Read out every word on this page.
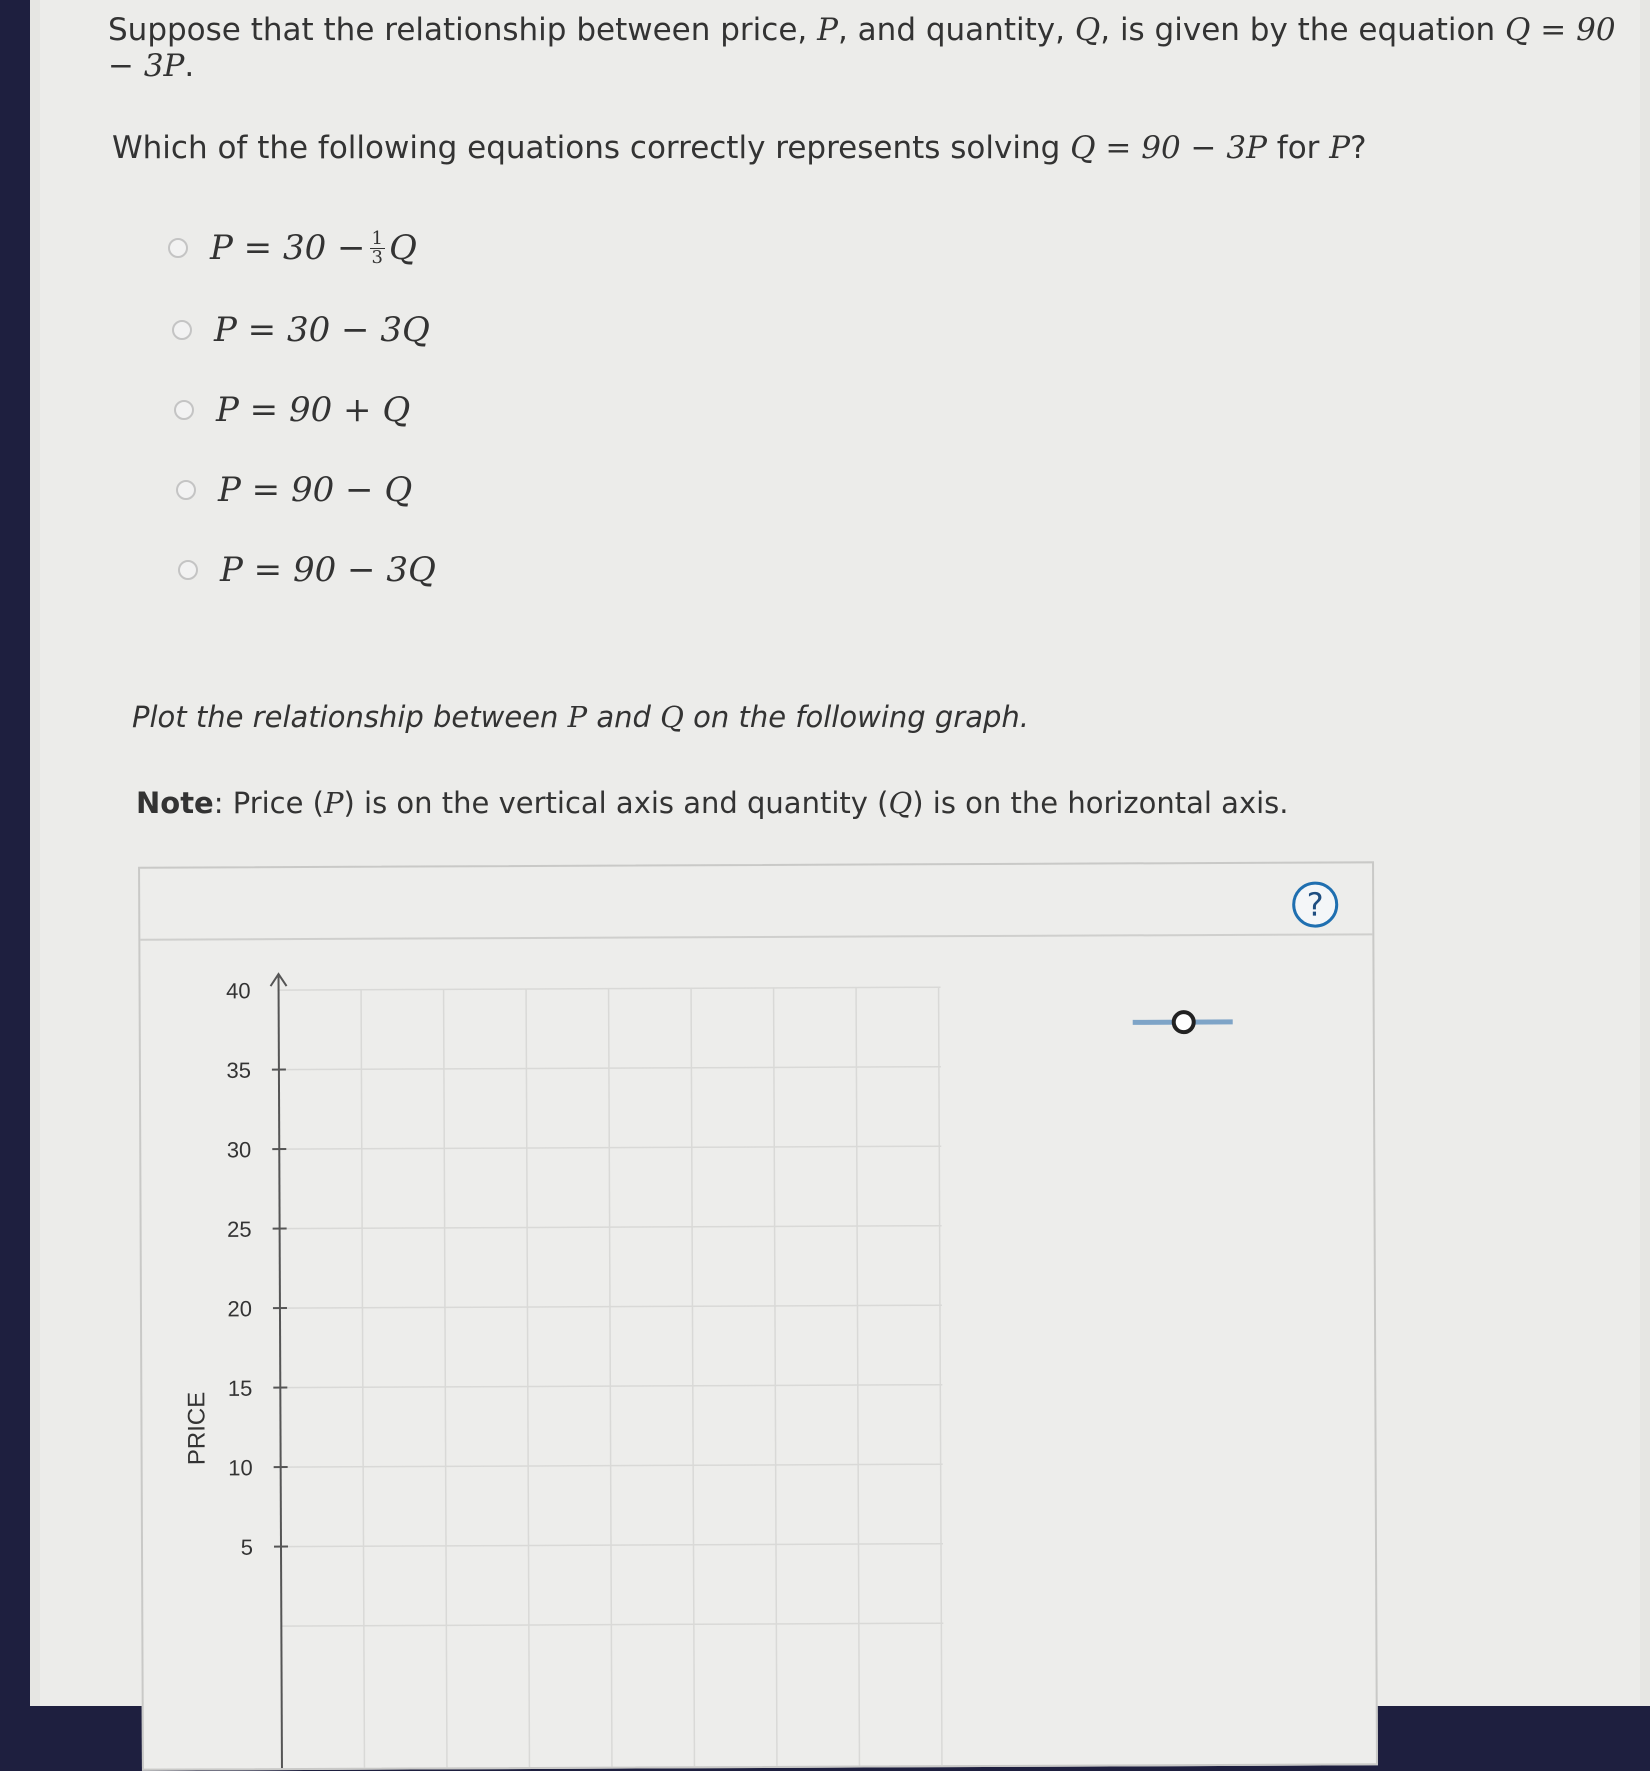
Suppose that the relationship between price, P, and quantity, Q, is given by the equation Q = 90 − 3P.
Which of the following equations correctly represents solving Q = 90 − 3P for P?
$P = 30 - \frac{1}{3}$ Q
P = 30 − 3Q
P = 90 + Q
P = 90 − Q
P = 90 − 3Q
Plot the relationship between P and Q on the following graph.
Note: Price (P) is on the vertical axis and quantity (Q) is on the horizontal axis.
?
40
35
30
25
20
15
10
5
PRICE
